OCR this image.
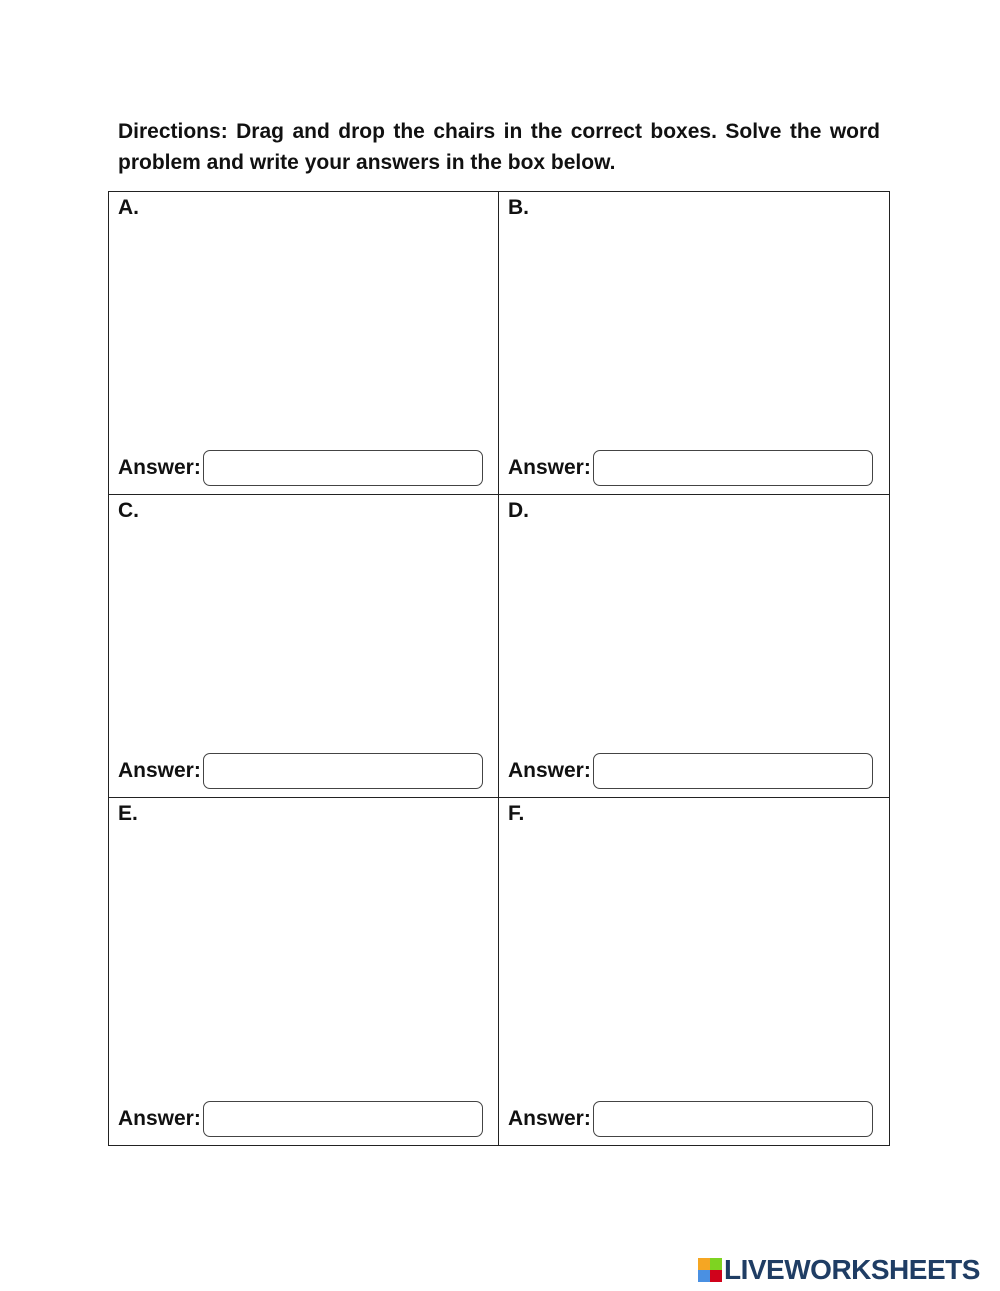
Directions: Drag and drop the chairs in the correct boxes. Solve the word problem and write your answers in the box below.

A.
Answer:
B.
Answer:
C.
Answer:
D.
Answer:
E.
Answer:
F.
Answer:
LIVEWORKSHEETS
